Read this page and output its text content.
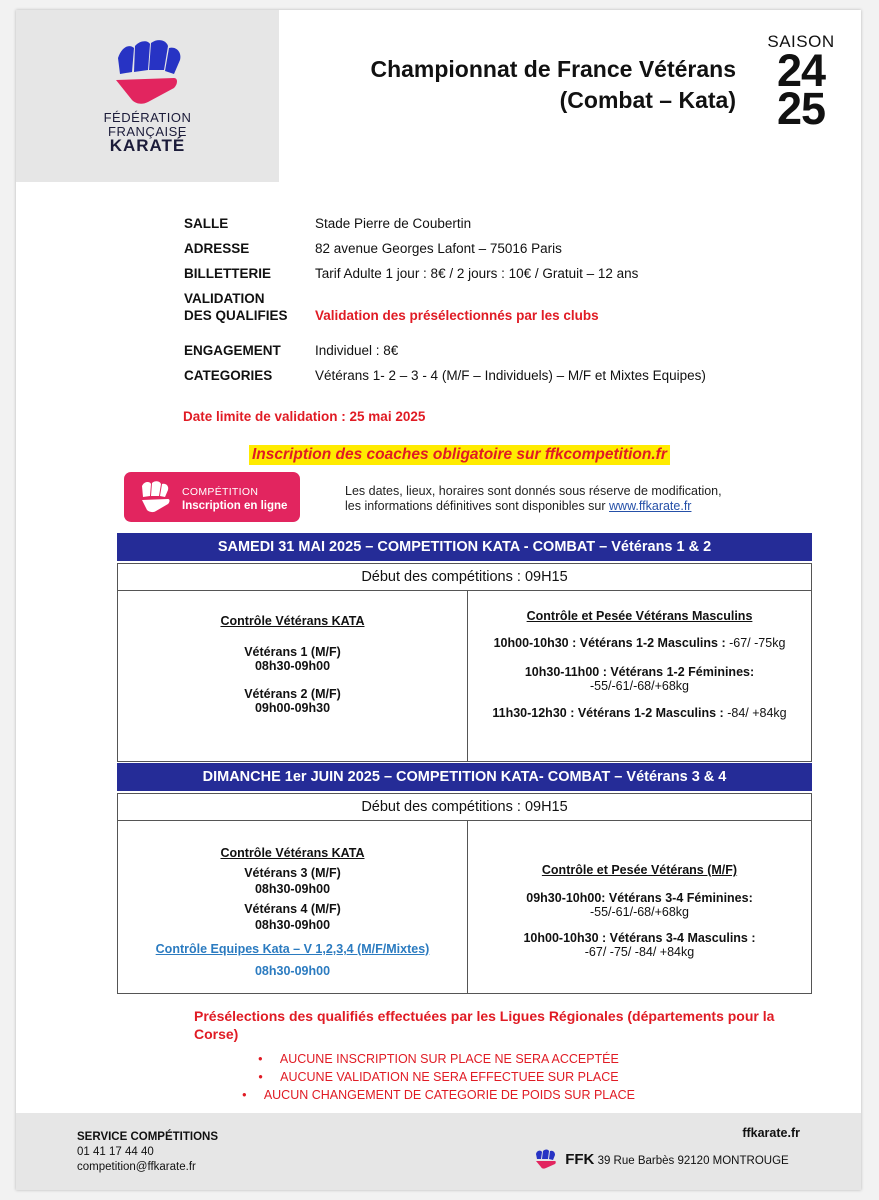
FÉDÉRATION
FRANÇAISE
KARATÉ
Championnat de France Vétérans
(Combat – Kata)
SAISON
24
25
SALLE	Stade Pierre de Coubertin
ADRESSE	82 avenue Georges Lafont – 75016 Paris
BILLETTERIE	Tarif Adulte 1 jour : 8€ / 2 jours : 10€ / Gratuit – 12 ans
VALIDATION
DES QUALIFIES	Validation des présélectionnés par les clubs
ENGAGEMENT	Individuel : 8€
CATEGORIES	Vétérans 1- 2 – 3 - 4 (M/F – Individuels) – M/F et Mixtes Equipes)
Date limite de validation : 25 mai 2025
Inscription des coaches obligatoire sur ffkcompetition.fr
COMPÉTITION
Inscription en ligne
Les dates, lieux, horaires sont donnés sous réserve de modification,
les informations définitives sont disponibles sur www.ffkarate.fr
SAMEDI 31 MAI 2025 – COMPETITION KATA - COMBAT – Vétérans 1 & 2
Début des compétitions : 09H15
Contrôle Vétérans KATA
Vétérans 1 (M/F)
08h30-09h00
Vétérans 2 (M/F)
09h00-09h30
Contrôle et Pesée Vétérans Masculins
10h00-10h30 : Vétérans 1-2 Masculins : -67/ -75kg
10h30-11h00 : Vétérans 1-2 Féminines:
-55/-61/-68/+68kg
11h30-12h30 : Vétérans 1-2 Masculins : -84/ +84kg
DIMANCHE 1er JUIN 2025 – COMPETITION KATA- COMBAT – Vétérans 3 & 4
Début des compétitions : 09H15
Contrôle Vétérans KATA
Vétérans 3 (M/F)
08h30-09h00
Vétérans 4 (M/F)
08h30-09h00
Contrôle Equipes Kata – V 1,2,3,4 (M/F/Mixtes)
08h30-09h00
Contrôle et Pesée Vétérans (M/F)
09h30-10h00: Vétérans 3-4 Féminines:
-55/-61/-68/+68kg
10h00-10h30 : Vétérans 3-4 Masculins :
-67/ -75/ -84/ +84kg
Présélections des qualifiés effectuées par les Ligues Régionales (départements pour la Corse)
•     AUCUNE INSCRIPTION SUR PLACE NE SERA ACCEPTÉE
•     AUCUNE VALIDATION NE SERA EFFECTUEE SUR PLACE
•     AUCUN CHANGEMENT DE CATEGORIE DE POIDS SUR PLACE
SERVICE COMPÉTITIONS
01 41 17 44 40
competition@ffkarate.fr
ffkarate.fr
FFK 39 Rue Barbès 92120 MONTROUGE
